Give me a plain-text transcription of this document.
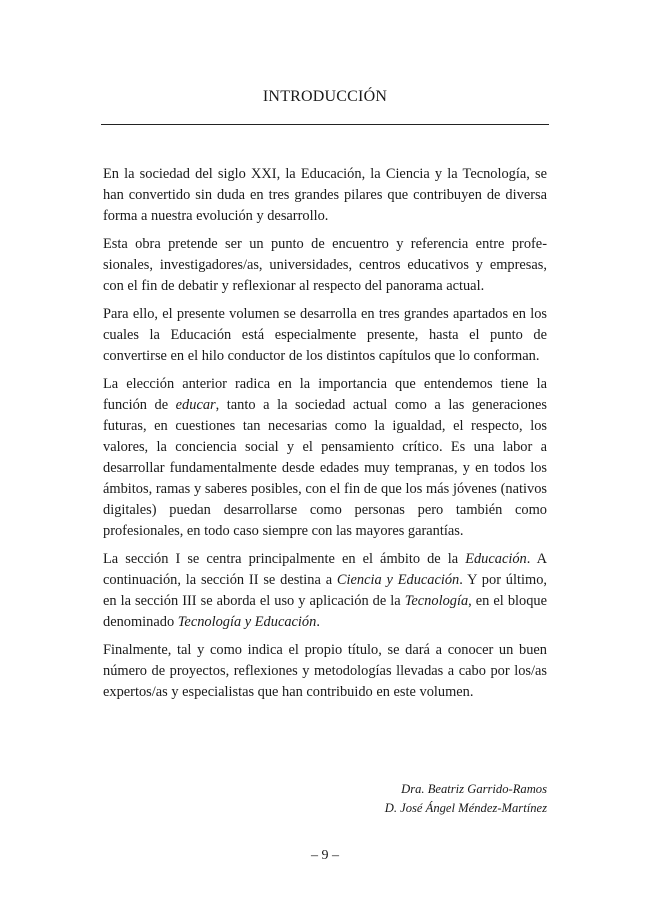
INTRODUCCIÓN

En la sociedad del siglo XXI, la Educación, la Ciencia y la Tecnología, se han convertido sin duda en tres grandes pilares que contribuyen de diversa forma a nuestra evolución y desarrollo.

Esta obra pretende ser un punto de encuentro y referencia entre profesionales, investigadores/as, universidades, centros educativos y empresas, con el fin de debatir y reflexionar al respecto del panorama actual.

Para ello, el presente volumen se desarrolla en tres grandes apartados en los cuales la Educación está especialmente presente, hasta el punto de convertirse en el hilo conductor de los distintos capítulos que lo conforman.

La elección anterior radica en la importancia que entendemos tiene la función de educar, tanto a la sociedad actual como a las generaciones futuras, en cuestiones tan necesarias como la igualdad, el respecto, los valores, la conciencia social y el pensamiento crítico. Es una labor a desarrollar fundamentalmente desde edades muy tempranas, y en todos los ámbitos, ramas y saberes posibles, con el fin de que los más jóvenes (nativos digitales) puedan desarrollarse como personas pero también como profesionales, en todo caso siempre con las mayores garantías.

La sección I se centra principalmente en el ámbito de la Educación. A continuación, la sección II se destina a Ciencia y Educación. Y por último, en la sección III se aborda el uso y aplicación de la Tecnología, en el bloque denominado Tecnología y Educación.

Finalmente, tal y como indica el propio título, se dará a conocer un buen número de proyectos, reflexiones y metodologías llevadas a cabo por los/as expertos/as y especialistas que han contribuido en este volumen.

Dra. Beatriz Garrido-Ramos
D. José Ángel Méndez-Martínez
– 9 –
